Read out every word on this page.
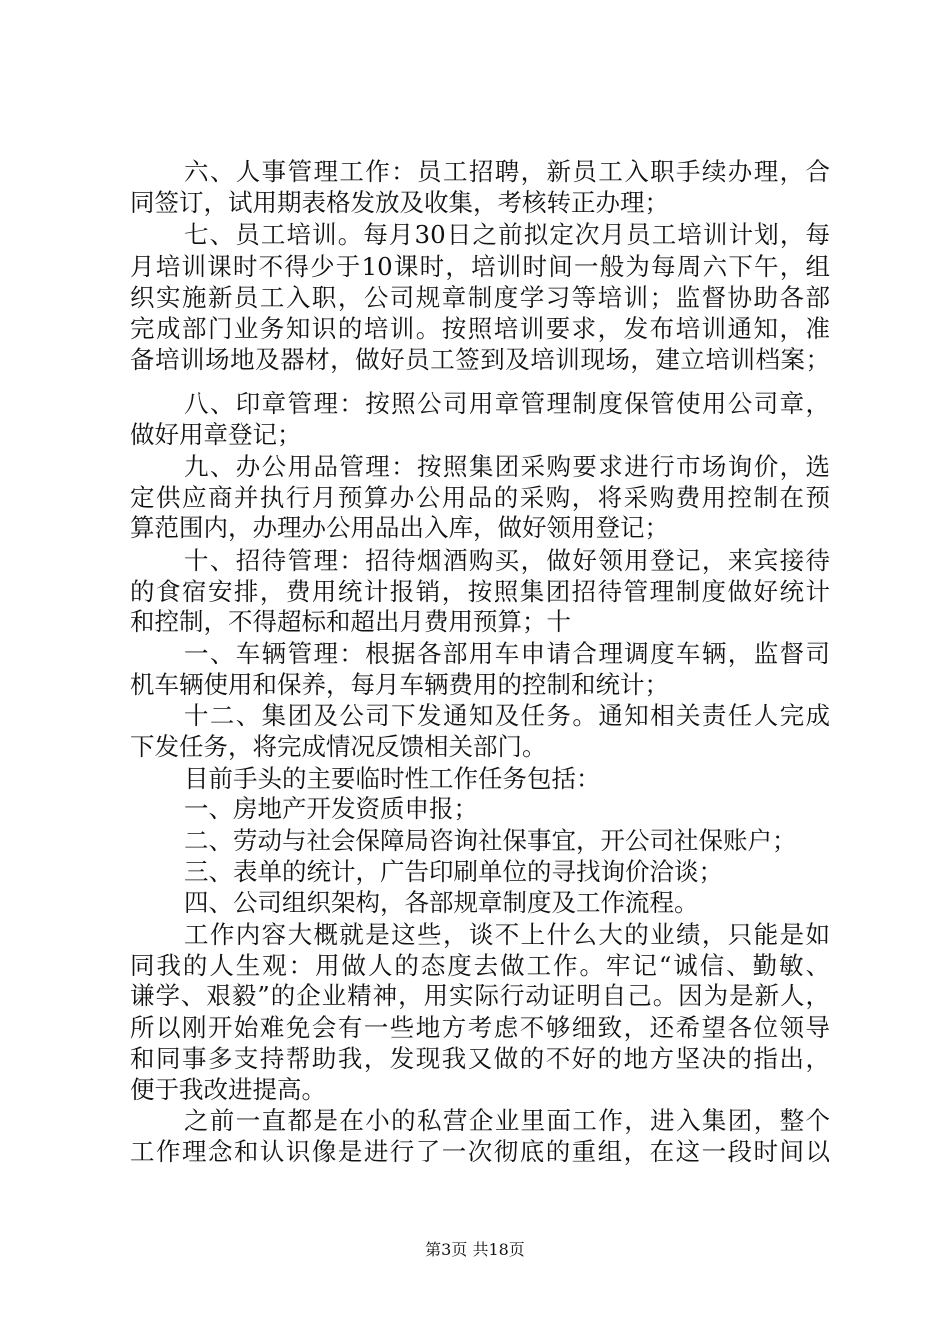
六、人事管理工作：员工招聘，新员工入职手续办理，合
同签订，试用期表格发放及收集，考核转正办理；
七、员工培训。每月30日之前拟定次月员工培训计划，每
月培训课时不得少于10课时，培训时间一般为每周六下午，组
织实施新员工入职，公司规章制度学习等培训；监督协助各部
完成部门业务知识的培训。按照培训要求，发布培训通知，准
备培训场地及器材，做好员工签到及培训现场，建立培训档案；
八、印章管理：按照公司用章管理制度保管使用公司章，
做好用章登记；
九、办公用品管理：按照集团采购要求进行市场询价，选
定供应商并执行月预算办公用品的采购，将采购费用控制在预
算范围内，办理办公用品出入库，做好领用登记；
十、招待管理：招待烟酒购买，做好领用登记，来宾接待
的食宿安排，费用统计报销，按照集团招待管理制度做好统计
和控制，不得超标和超出月费用预算；十
一、车辆管理：根据各部用车申请合理调度车辆，监督司
机车辆使用和保养，每月车辆费用的控制和统计；
十二、集团及公司下发通知及任务。通知相关责任人完成
下发任务，将完成情况反馈相关部门。
目前手头的主要临时性工作任务包括：
一、房地产开发资质申报；
二、劳动与社会保障局咨询社保事宜，开公司社保账户；
三、表单的统计，广告印刷单位的寻找询价洽谈；
四、公司组织架构，各部规章制度及工作流程。
工作内容大概就是这些，谈不上什么大的业绩，只能是如
同我的人生观：用做人的态度去做工作。牢记“诚信、勤敏、
谦学、艰毅”的企业精神，用实际行动证明自己。因为是新人，
所以刚开始难免会有一些地方考虑不够细致，还希望各位领导
和同事多支持帮助我，发现我又做的不好的地方坚决的指出，
便于我改进提高。
之前一直都是在小的私营企业里面工作，进入集团，整个
工作理念和认识像是进行了一次彻底的重组，在这一段时间以
第3页 共18页
